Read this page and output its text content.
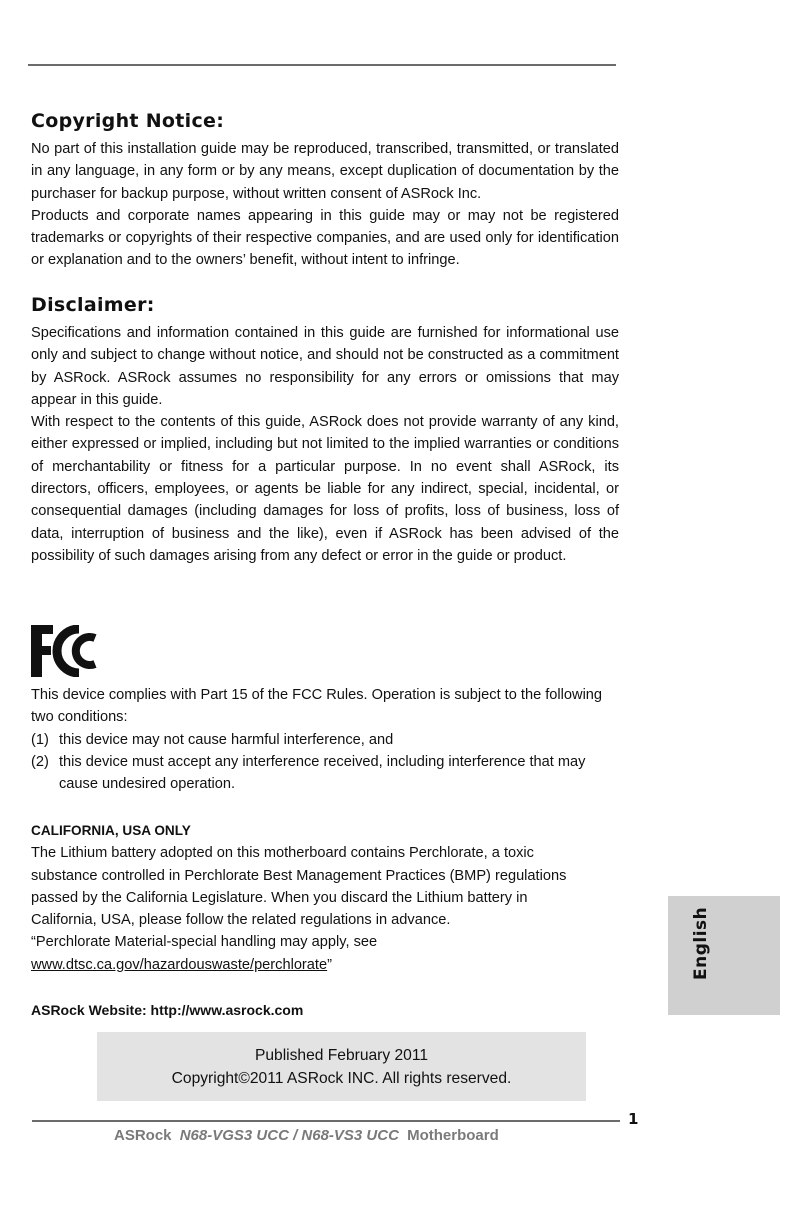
Copyright Notice:

No part of this installation guide may be reproduced, transcribed, transmitted, or translated in any language, in any form or by any means, except duplication of documentation by the purchaser for backup purpose, without written consent of ASRock Inc.

Products and corporate names appearing in this guide may or may not be registered trademarks or copyrights of their respective companies, and are used only for identification or explanation and to the owners’ benefit, without intent to infringe.

Disclaimer:

Specifications and information contained in this guide are furnished for informational use only and subject to change without notice, and should not be constructed as a commitment by ASRock. ASRock assumes no responsibility for any errors or omissions that may appear in this guide.

With respect to the contents of this guide, ASRock does not provide warranty of any kind, either expressed or implied, including but not limited to the implied warranties or conditions of merchantability or fitness for a particular purpose. In no event shall ASRock, its directors, officers, employees, or agents be liable for any indirect, special, incidental, or consequential damages (including damages for loss of profits, loss of business, loss of data, interruption of business and the like), even if ASRock has been advised of the possibility of such damages arising from any defect or error in the guide or product.

This device complies with Part 15 of the FCC Rules. Operation is subject to the following two conditions:

(1) this device may not cause harmful interference, and
(2) this device must accept any interference received, including interference that may cause undesired operation.

CALIFORNIA, USA ONLY

The Lithium battery adopted on this motherboard contains Perchlorate, a toxic

substance controlled in Perchlorate Best Management Practices (BMP) regulations

passed by the California Legislature. When you discard the Lithium battery in

California, USA, please follow the related regulations in advance.

“Perchlorate Material-special handling may apply, see

www.dtsc.ca.gov/hazardouswaste/perchlorate”

ASRock Website: http://www.asrock.com

Published February 2011
Copyright©2011 ASRock INC. All rights reserved.
English
1
ASRock N68-VGS3 UCC / N68-VS3 UCC Motherboard
